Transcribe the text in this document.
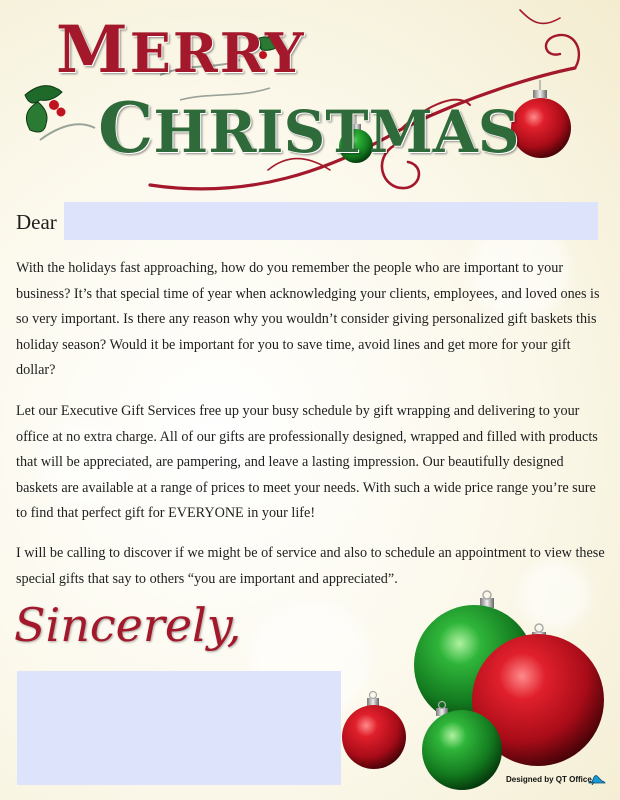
MERRY
CHRISTMAS
Dear

With the holidays fast approaching, how do you remember the people who are important to your business? It’s that special time of year when acknowledging your clients, employees, and loved ones is so very important. Is there any reason why you wouldn’t consider giving personalized gift baskets this holiday season? Would it be important for you to save time, avoid lines and get more for your gift dollar?

Let our Executive Gift Services free up your busy schedule by gift wrapping and delivering to your office at no extra charge. All of our gifts are professionally designed, wrapped and filled with products that will be appreciated, are pampering, and leave a lasting impression. Our beautifully designed baskets are available at a range of prices to meet your needs. With such a wide price range you’re sure to find that perfect gift for EVERYONE in your life!

I will be calling to discover if we might be of service and also to schedule an appointment to view these special gifts that say to others “you are important and appreciated”.

Sincerely,
Designed by QT Office
